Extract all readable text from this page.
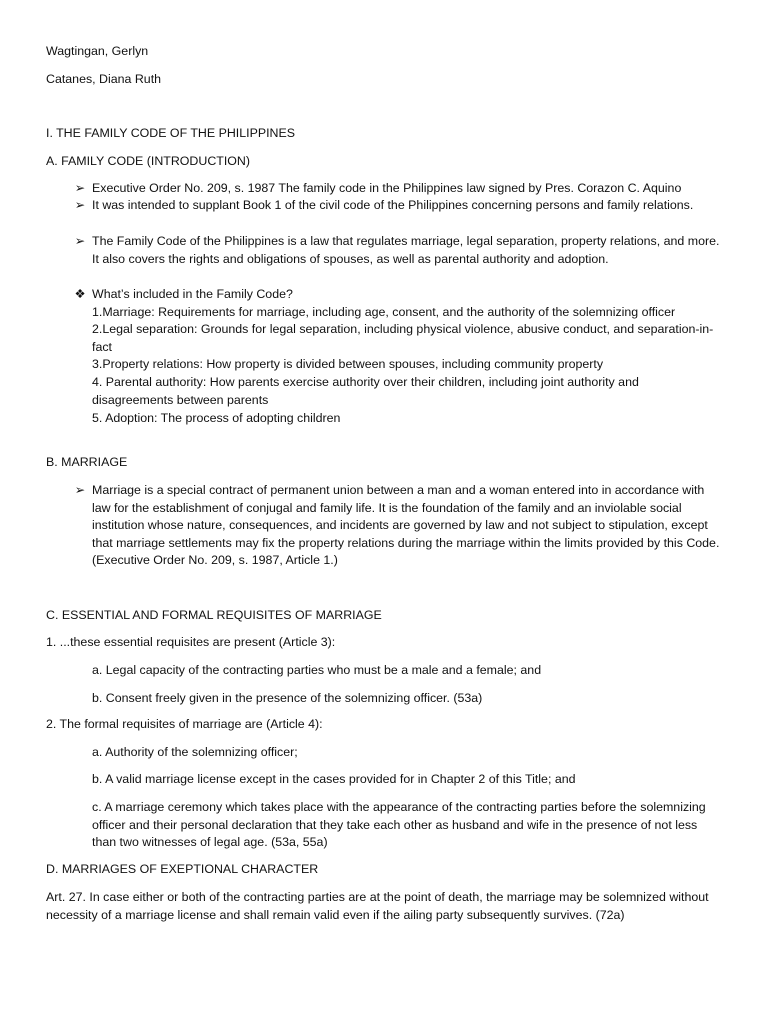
Wagtingan, Gerlyn

Catanes, Diana Ruth

I. THE FAMILY CODE OF THE PHILIPPINES

A. FAMILY CODE (INTRODUCTION)

➢ Executive Order No. 209, s. 1987 The family code in the Philippines law signed by Pres. Corazon C. Aquino

➢ It was intended to supplant Book 1 of the civil code of the Philippines concerning persons and family relations.

➢ The Family Code of the Philippines is a law that regulates marriage, legal separation, property relations, and more. It also covers the rights and obligations of spouses, as well as parental authority and adoption.

❖ What’s included in the Family Code?

1.Marriage: Requirements for marriage, including age, consent, and the authority of the solemnizing officer

2.Legal separation: Grounds for legal separation, including physical violence, abusive conduct, and separation-in-fact

3.Property relations: How property is divided between spouses, including community property

4. Parental authority: How parents exercise authority over their children, including joint authority and disagreements between parents

5. Adoption: The process of adopting children

B. MARRIAGE

➢ Marriage is a special contract of permanent union between a man and a woman entered into in accordance with law for the establishment of conjugal and family life. It is the foundation of the family and an inviolable social institution whose nature, consequences, and incidents are governed by law and not subject to stipulation, except that marriage settlements may fix the property relations during the marriage within the limits provided by this Code. (Executive Order No. 209, s. 1987, Article 1.)

C. ESSENTIAL AND FORMAL REQUISITES OF MARRIAGE

1. ...these essential requisites are present (Article 3):

a. Legal capacity of the contracting parties who must be a male and a female; and

b. Consent freely given in the presence of the solemnizing officer. (53a)

2. The formal requisites of marriage are (Article 4):

a. Authority of the solemnizing officer;

b. A valid marriage license except in the cases provided for in Chapter 2 of this Title; and

c. A marriage ceremony which takes place with the appearance of the contracting parties before the solemnizing officer and their personal declaration that they take each other as husband and wife in the presence of not less than two witnesses of legal age. (53a, 55a)

D. MARRIAGES OF EXEPTIONAL CHARACTER

Art. 27. In case either or both of the contracting parties are at the point of death, the marriage may be solemnized without necessity of a marriage license and shall remain valid even if the ailing party subsequently survives. (72a)
